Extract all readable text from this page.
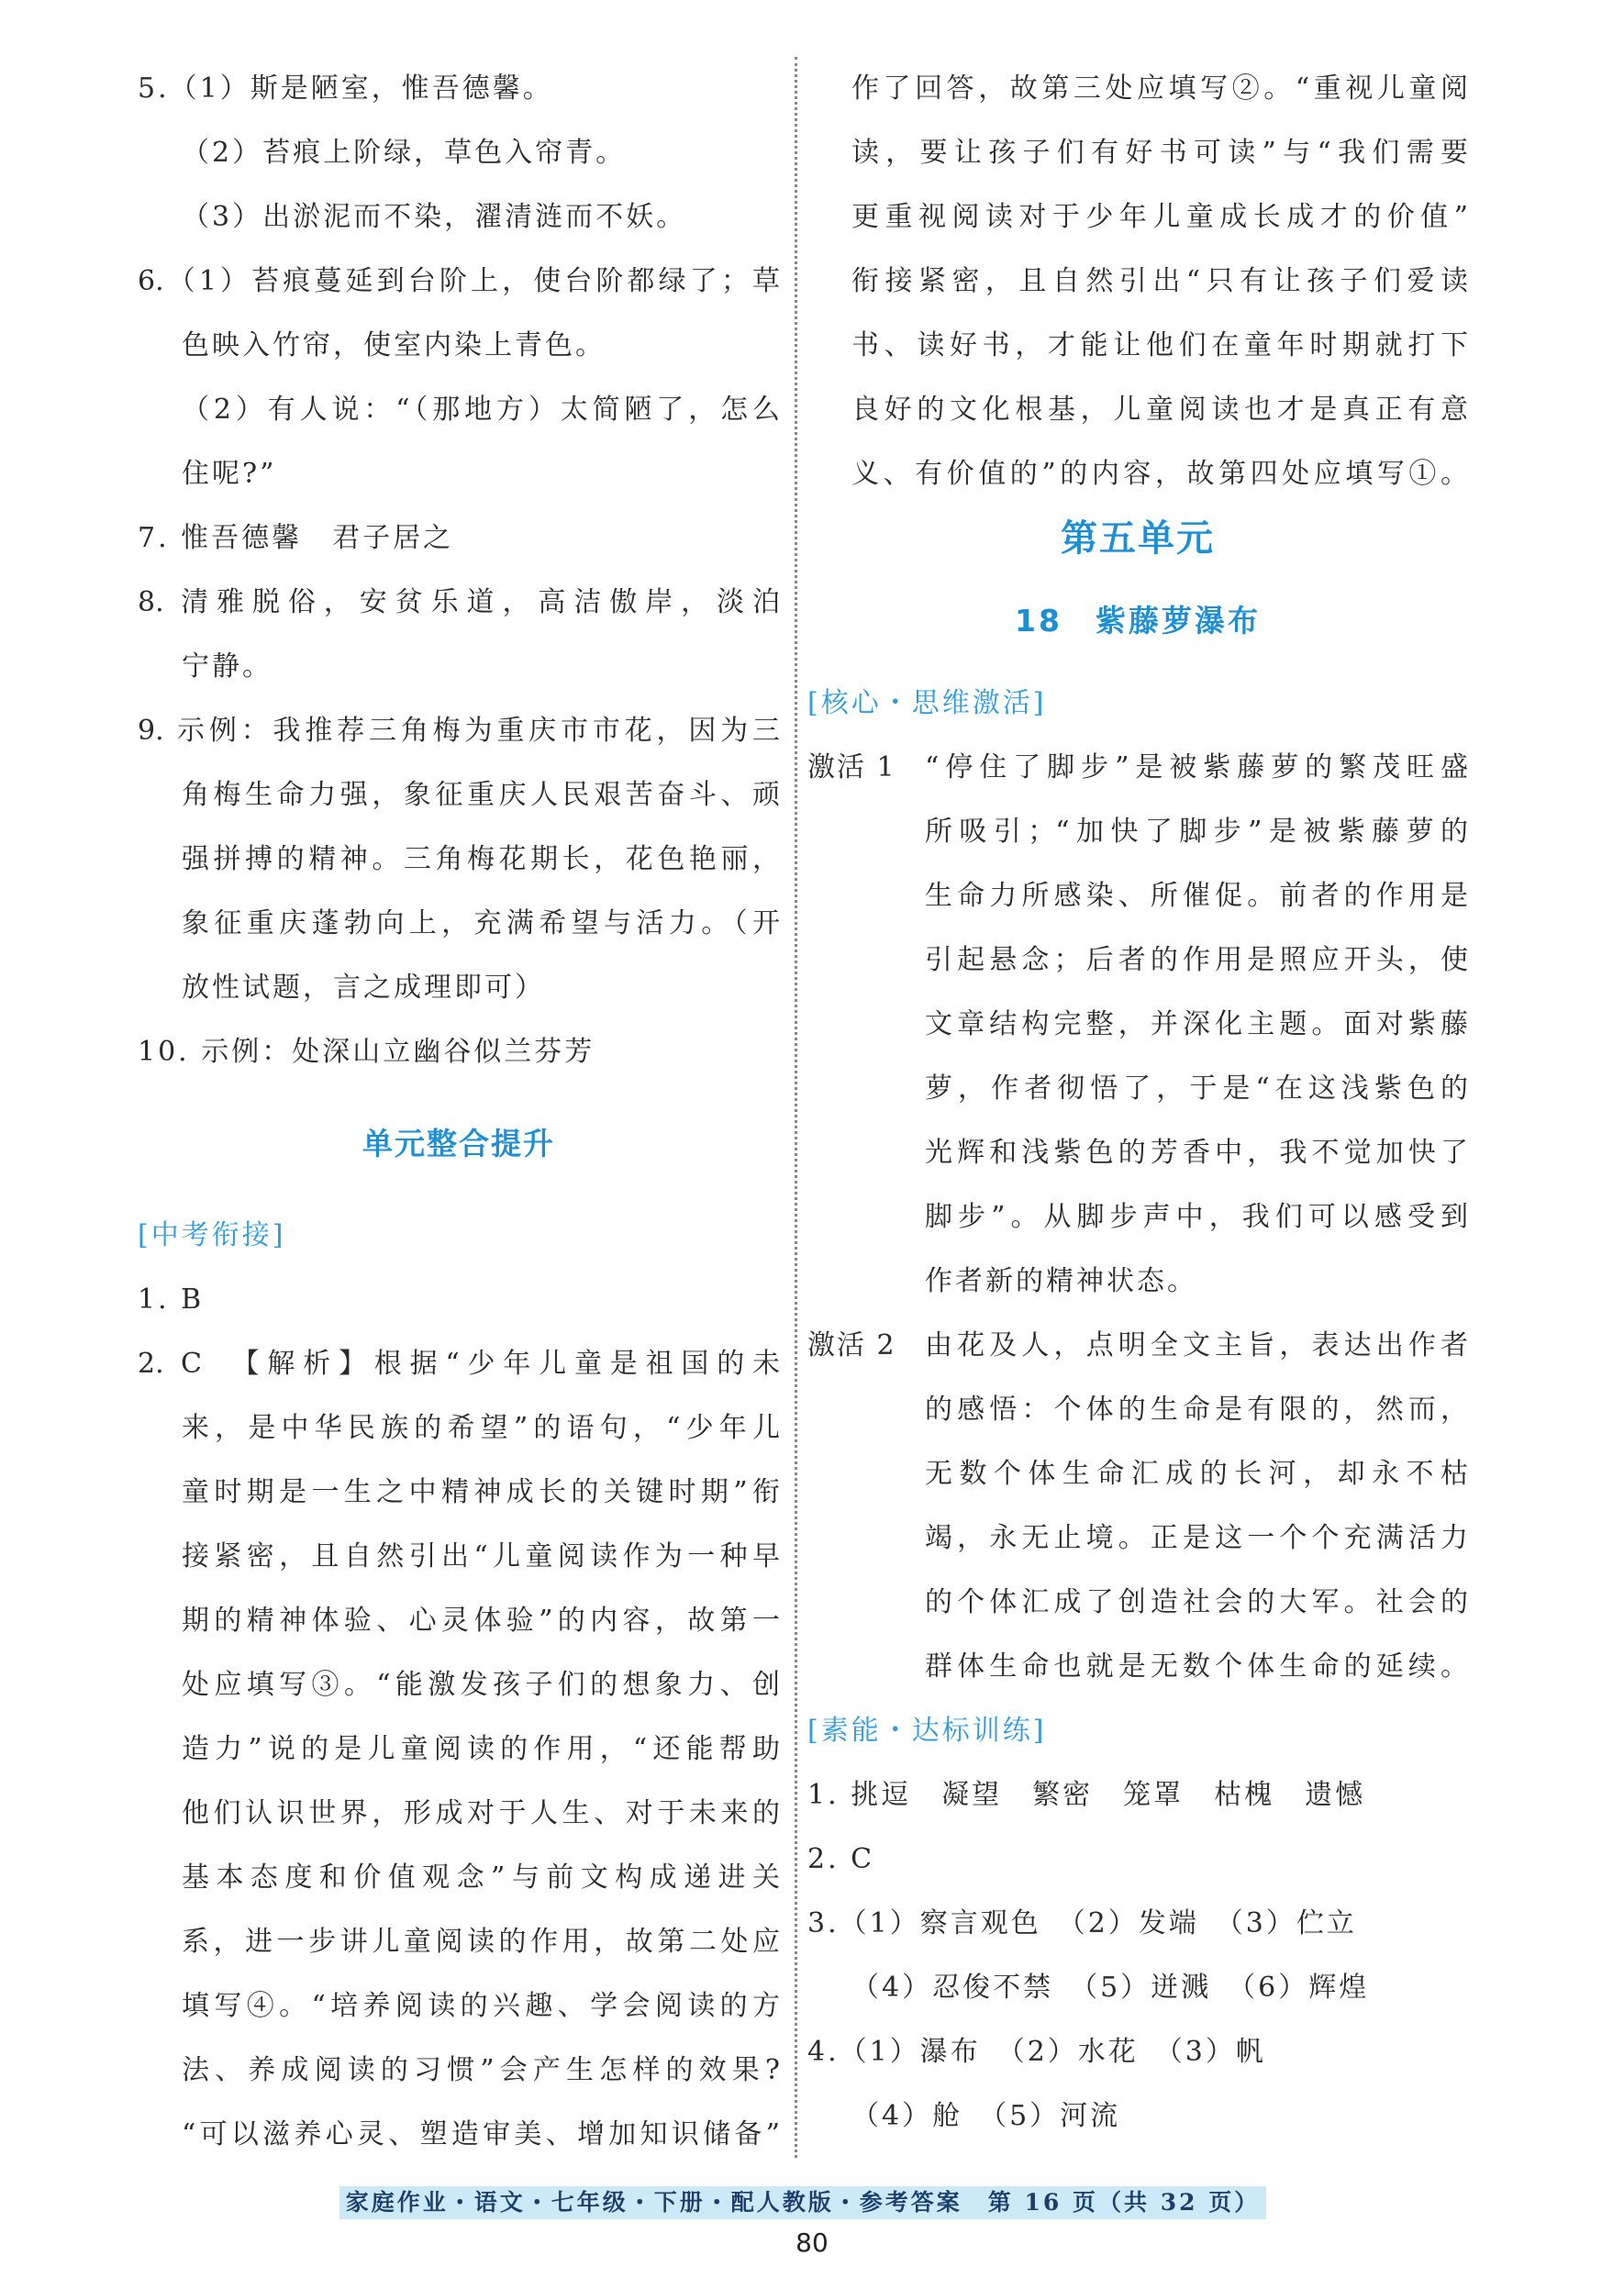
5.（1）斯是陋室，惟吾德馨。
（2）苔痕上阶绿，草色入帘青。
（3）出淤泥而不染，濯清涟而不妖。
6.（1）苔痕蔓延到台阶上，使台阶都绿了；草
色映入竹帘，使室内染上青色。
（2）有人说：“（那地方）太简陋了，怎么
住呢?”
7. 惟吾德馨　君子居之
8. 清雅脱俗，安贫乐道，高洁傲岸，淡泊
宁静。
9. 示例：我推荐三角梅为重庆市市花，因为三
角梅生命力强，象征重庆人民艰苦奋斗、顽
强拼搏的精神。三角梅花期长，花色艳丽，
象征重庆蓬勃向上，充满希望与活力。（开
放性试题，言之成理即可）
10. 示例：处深山立幽谷似兰芬芳
单元整合提升
[中考衔接]
1. B
2. C　【解析】根据“少年儿童是祖国的未
来，是中华民族的希望”的语句，“少年儿
童时期是一生之中精神成长的关键时期”衔
接紧密，且自然引出“儿童阅读作为一种早
期的精神体验、心灵体验”的内容，故第一
处应填写③。“能激发孩子们的想象力、创
造力”说的是儿童阅读的作用，“还能帮助
他们认识世界，形成对于人生、对于未来的
基本态度和价值观念”与前文构成递进关
系，进一步讲儿童阅读的作用，故第二处应
填写④。“培养阅读的兴趣、学会阅读的方
法、养成阅读的习惯”会产生怎样的效果?
“可以滋养心灵、塑造审美、增加知识储备”
作了回答，故第三处应填写②。“重视儿童阅
读，要让孩子们有好书可读”与“我们需要
更重视阅读对于少年儿童成长成才的价值”
衔接紧密，且自然引出“只有让孩子们爱读
书、读好书，才能让他们在童年时期就打下
良好的文化根基，儿童阅读也才是真正有意
义、有价值的”的内容，故第四处应填写①。
第五单元
18　紫藤萝瀑布
[核心・思维激活]
激活 1	“停住了脚步”是被紫藤萝的繁茂旺盛
所吸引；“加快了脚步”是被紫藤萝的
生命力所感染、所催促。前者的作用是
引起悬念；后者的作用是照应开头，使
文章结构完整，并深化主题。面对紫藤
萝，作者彻悟了，于是“在这浅紫色的
光辉和浅紫色的芳香中，我不觉加快了
脚步”。从脚步声中，我们可以感受到
作者新的精神状态。
激活 2	由花及人，点明全文主旨，表达出作者
的感悟：个体的生命是有限的，然而，
无数个体生命汇成的长河，却永不枯
竭，永无止境。正是这一个个充满活力
的个体汇成了创造社会的大军。社会的
群体生命也就是无数个体生命的延续。
[素能・达标训练]
1. 挑逗　凝望　繁密　笼罩　枯槐　遗憾
2. C
3.（1）察言观色　（2）发端　（3）伫立
（4）忍俊不禁　（5）迸溅　（6）辉煌
4.（1）瀑布　（2）水花　（3）帆
（4）舱　（5）河流
家庭作业・语文・七年级・下册・配人教版・参考答案　第 16 页（共 32 页）
80
